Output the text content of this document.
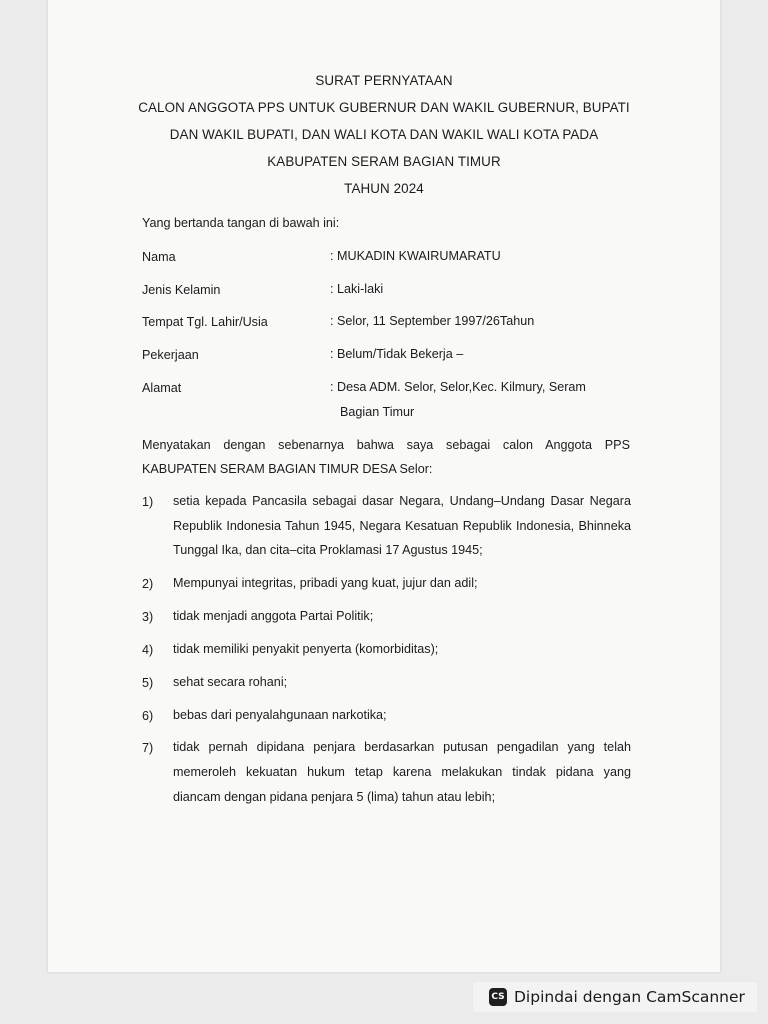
SURAT PERNYATAAN
CALON ANGGOTA PPS UNTUK GUBERNUR DAN WAKIL GUBERNUR, BUPATI
DAN WAKIL BUPATI, DAN WALI KOTA DAN WAKIL WALI KOTA PADA
KABUPATEN SERAM BAGIAN TIMUR
TAHUN 2024
Yang bertanda tangan di bawah ini:
Nama	: MUKADIN KWAIRUMARATU
Jenis Kelamin	: Laki-laki
Tempat Tgl. Lahir/Usia	: Selor, 11 September 1997/26Tahun
Pekerjaan	: Belum/Tidak Bekerja –
Alamat	: Desa ADM. Selor, Selor,Kec. Kilmury, Seram
Bagian Timur
Menyatakan dengan sebenarnya bahwa saya sebagai calon Anggota PPS
KABUPATEN SERAM BAGIAN TIMUR DESA Selor:
1) setia kepada Pancasila sebagai dasar Negara, Undang–Undang Dasar Negara
Republik Indonesia Tahun 1945, Negara Kesatuan Republik Indonesia, Bhinneka
Tunggal Ika, dan cita–cita Proklamasi 17 Agustus 1945;
2) Mempunyai integritas, pribadi yang kuat, jujur dan adil;
3) tidak menjadi anggota Partai Politik;
4) tidak memiliki penyakit penyerta (komorbiditas);
5) sehat secara rohani;
6) bebas dari penyalahgunaan narkotika;
7) tidak pernah dipidana penjara berdasarkan putusan pengadilan yang telah
memeroleh kekuatan hukum tetap karena melakukan tindak pidana yang
diancam dengan pidana penjara 5 (lima) tahun atau lebih;
CS Dipindai dengan CamScanner
